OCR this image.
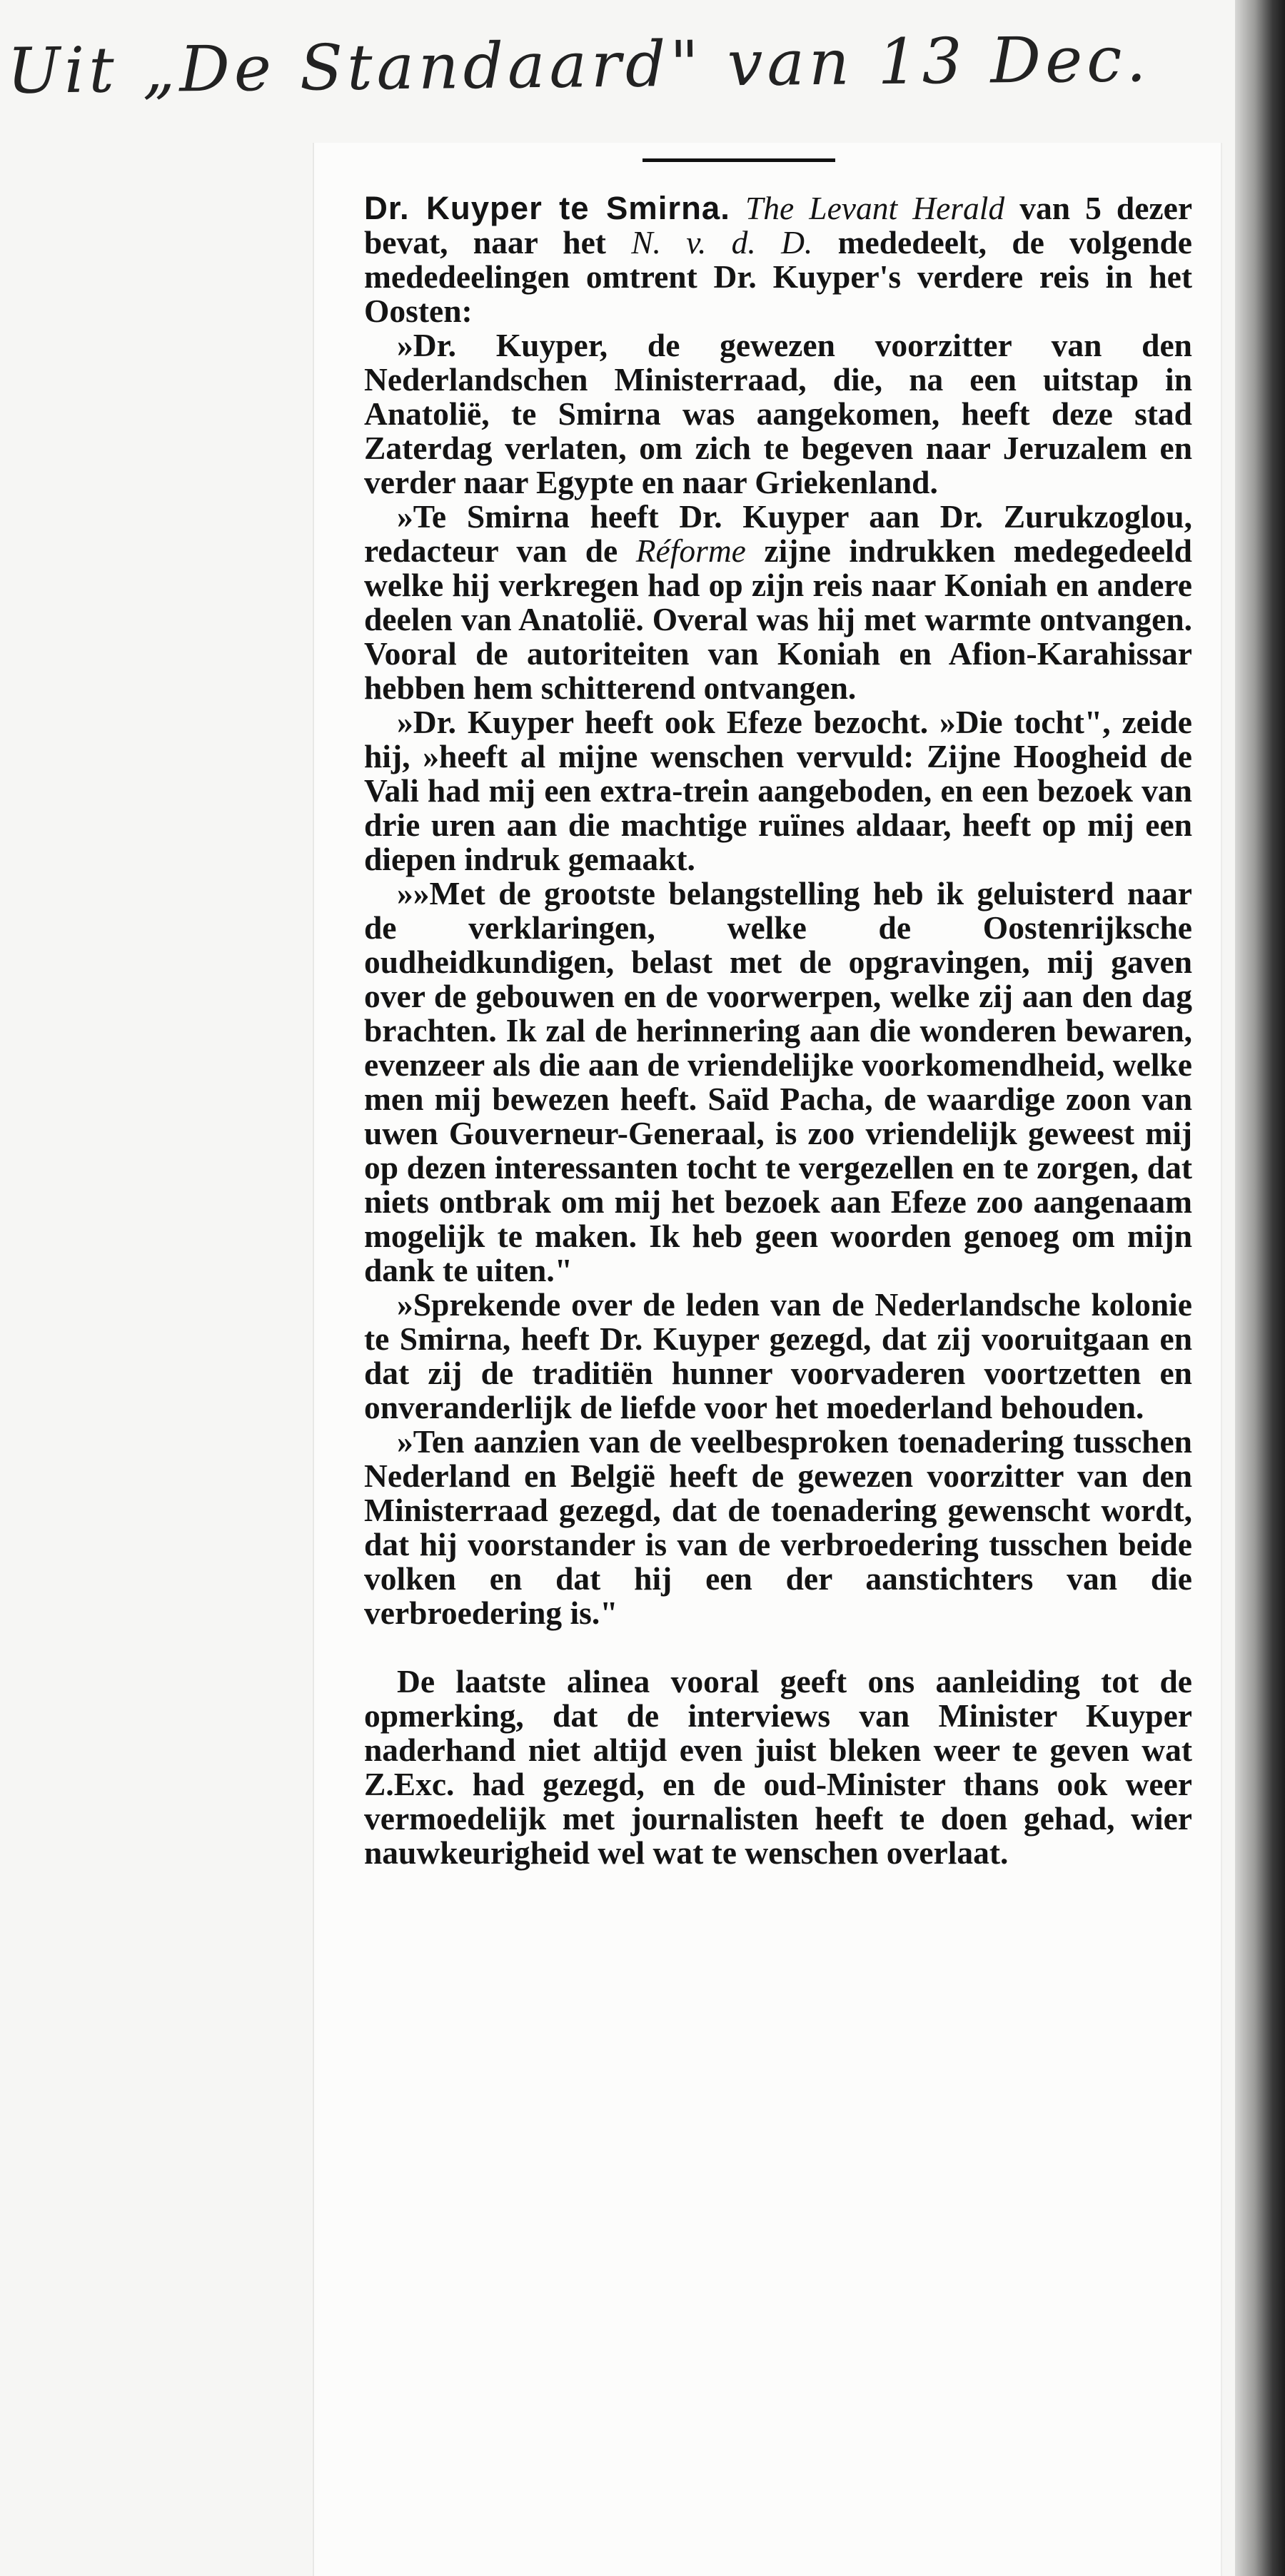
Uit „De Standaard" van 13 Dec.

Dr. Kuyper te Smirna. The Levant Herald van 5 dezer bevat, naar het N. v. d. D. mededeelt, de volgende mededeelingen omtrent Dr. Kuyper's verdere reis in het Oosten:

»Dr. Kuyper, de gewezen voorzitter van den Nederlandschen Ministerraad, die, na een uitstap in Anatolië, te Smirna was aangekomen, heeft deze stad Zaterdag verlaten, om zich te begeven naar Jeruzalem en verder naar Egypte en naar Griekenland.

»Te Smirna heeft Dr. Kuyper aan Dr. Zurukzoglou, redacteur van de Réforme zijne indrukken medegedeeld welke hij verkregen had op zijn reis naar Koniah en andere deelen van Anatolië. Overal was hij met warmte ontvangen. Vooral de autoriteiten van Koniah en Afion-Karahissar hebben hem schitterend ontvangen.

»Dr. Kuyper heeft ook Efeze bezocht. »Die tocht", zeide hij, »heeft al mijne wenschen vervuld: Zijne Hoogheid de Vali had mij een extra-trein aangeboden, en een bezoek van drie uren aan die machtige ruïnes aldaar, heeft op mij een diepen indruk gemaakt.

»»Met de grootste belangstelling heb ik geluisterd naar de verklaringen, welke de Oostenrijksche oudheidkundigen, belast met de opgravingen, mij gaven over de gebouwen en de voorwerpen, welke zij aan den dag brachten. Ik zal de herinnering aan die wonderen bewaren, evenzeer als die aan de vriendelijke voorkomendheid, welke men mij bewezen heeft. Saïd Pacha, de waardige zoon van uwen Gouverneur-Generaal, is zoo vriendelijk geweest mij op dezen interessanten tocht te vergezellen en te zorgen, dat niets ontbrak om mij het bezoek aan Efeze zoo aangenaam mogelijk te maken. Ik heb geen woorden genoeg om mijn dank te uiten."

»Sprekende over de leden van de Nederlandsche kolonie te Smirna, heeft Dr. Kuyper gezegd, dat zij vooruitgaan en dat zij de traditiën hunner voorvaderen voortzetten en onveranderlijk de liefde voor het moederland behouden.

»Ten aanzien van de veelbesproken toenadering tusschen Nederland en België heeft de gewezen voorzitter van den Ministerraad gezegd, dat de toenadering gewenscht wordt, dat hij voorstander is van de verbroedering tusschen beide volken en dat hij een der aanstichters van die verbroedering is."

De laatste alinea vooral geeft ons aanleiding tot de opmerking, dat de interviews van Minister Kuyper naderhand niet altijd even juist bleken weer te geven wat Z.Exc. had gezegd, en de oud-Minister thans ook weer vermoedelijk met journalisten heeft te doen gehad, wier nauwkeurigheid wel wat te wenschen overlaat.
